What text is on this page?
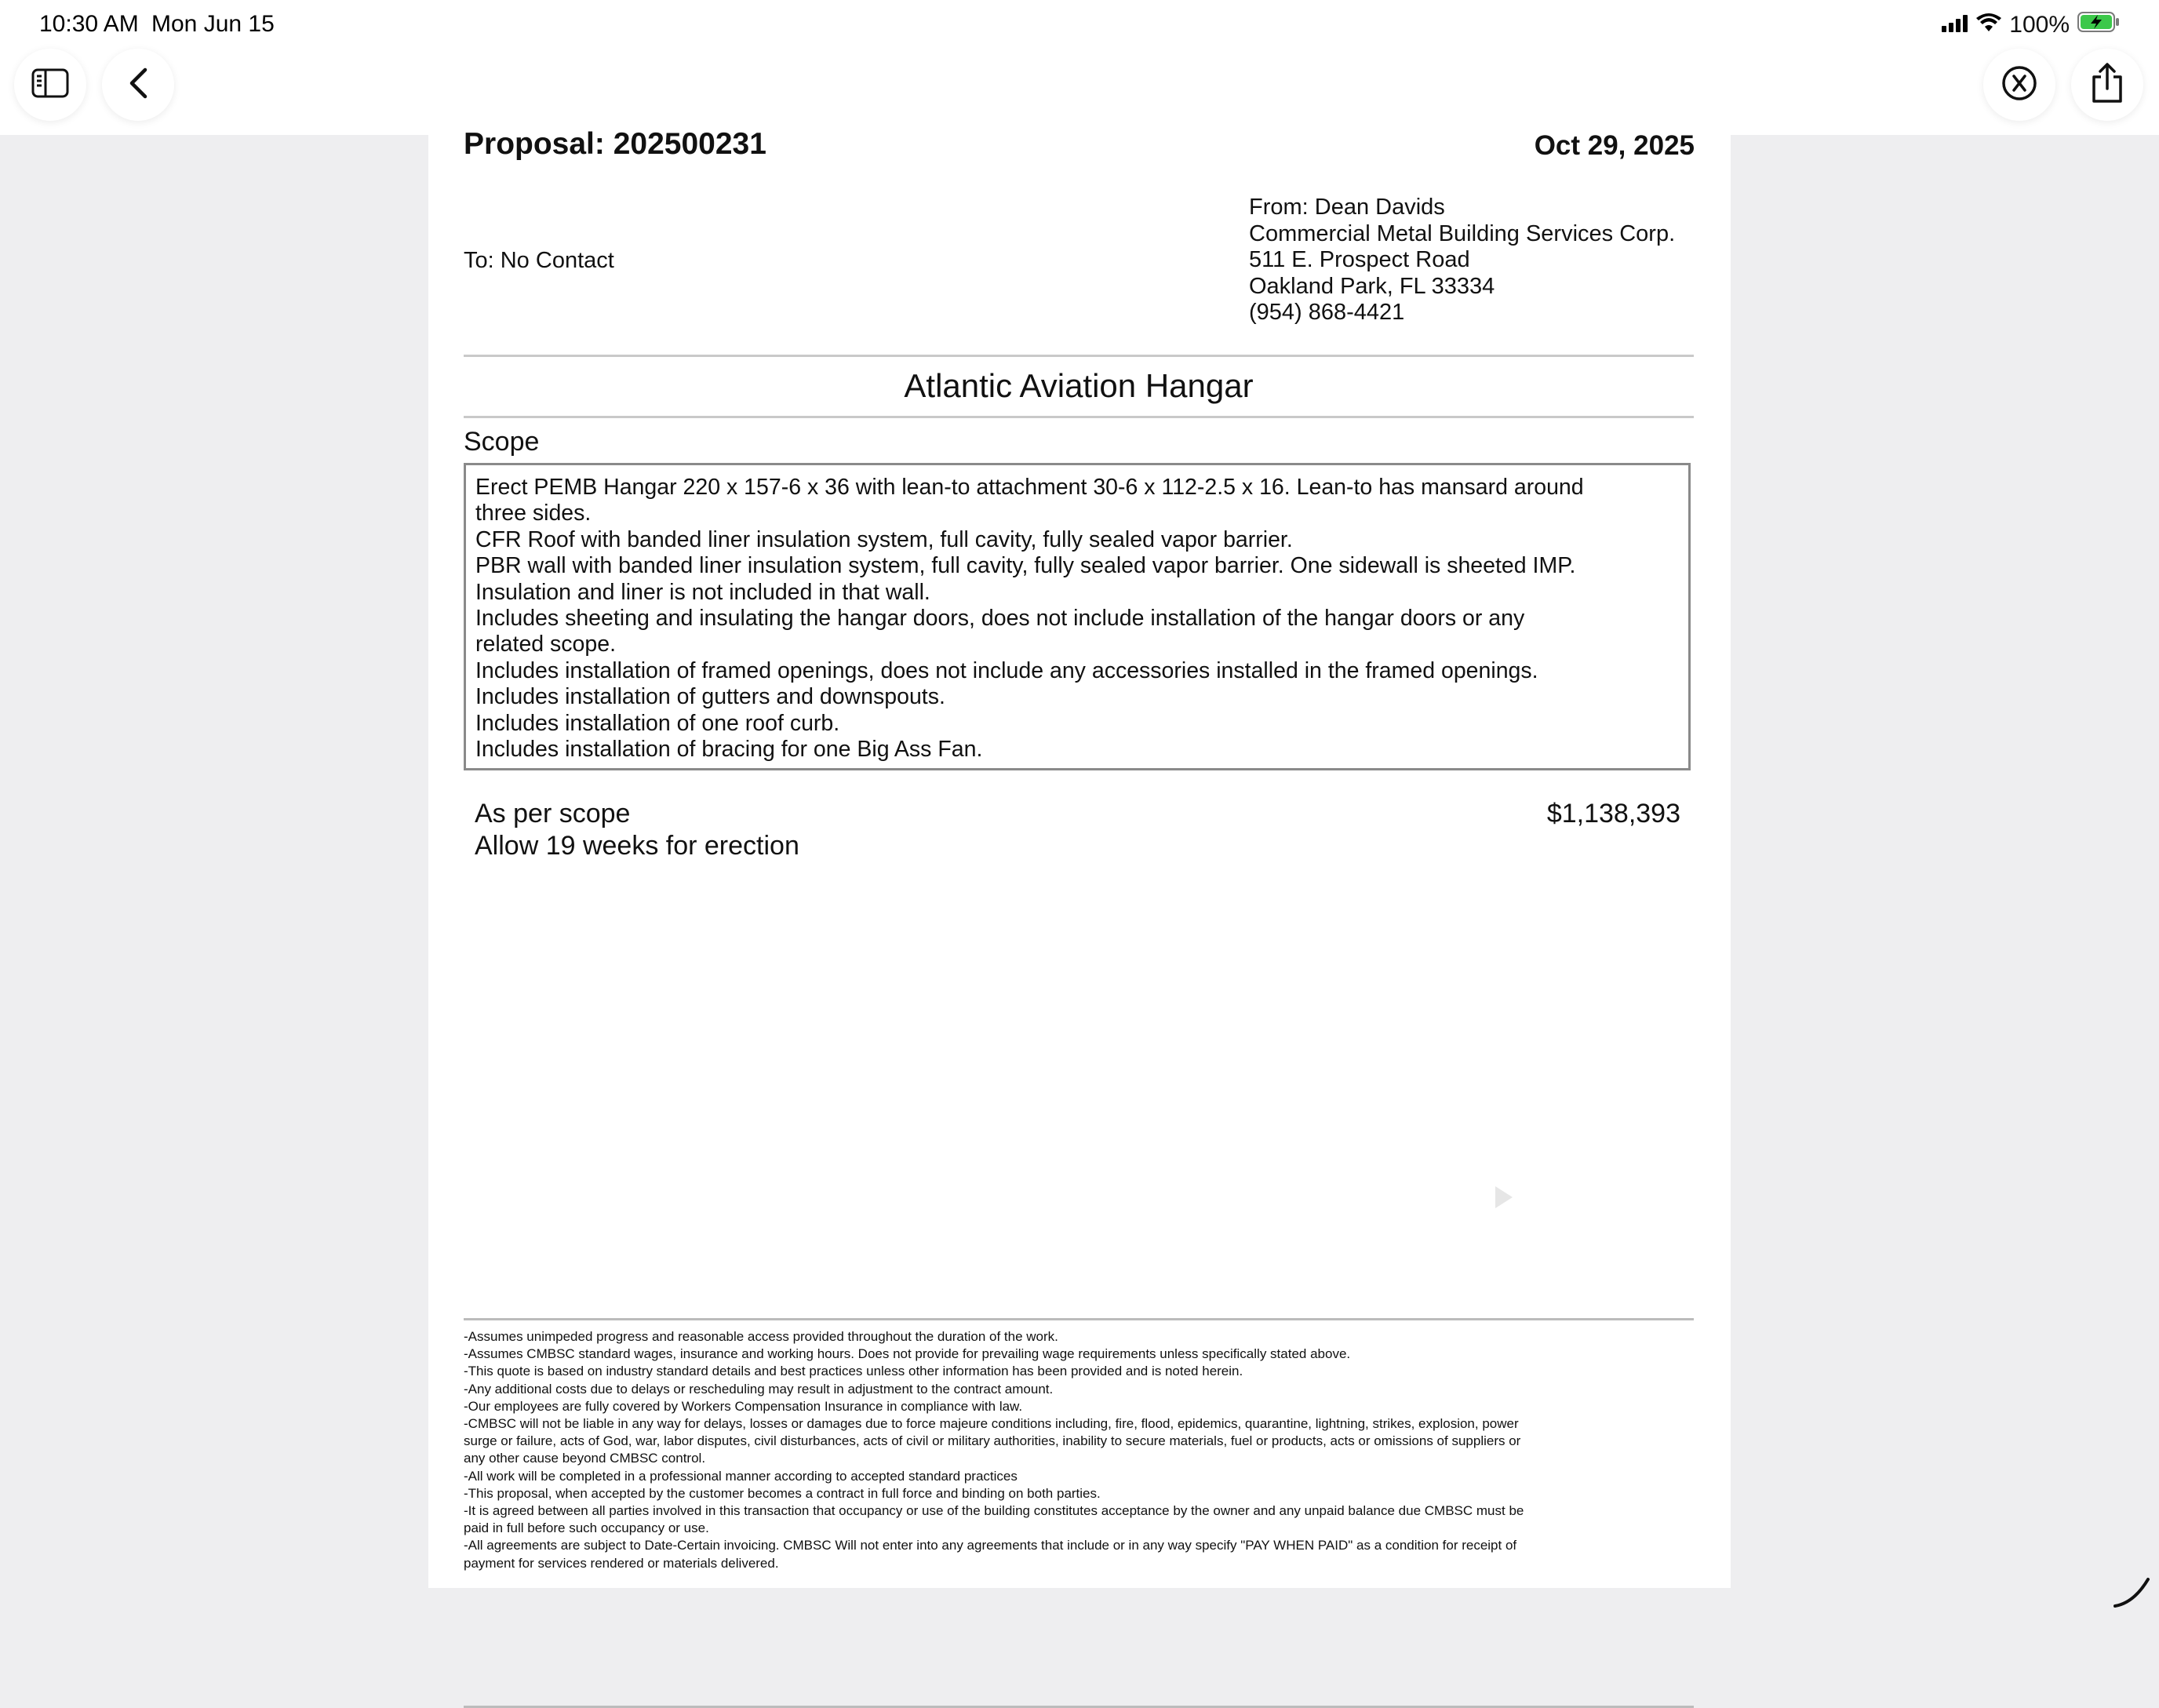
10:30 AM Mon Jun 15	100%
Proposal: 202500231	Oct 29, 2025
To: No Contact
From: Dean Davids
Commercial Metal Building Services Corp.
511 E. Prospect Road
Oakland Park, FL 33334
(954) 868-4421
Atlantic Aviation Hangar
Scope
Erect PEMB Hangar 220 x 157-6 x 36 with lean-to attachment 30-6 x 112-2.5 x 16. Lean-to has mansard around
three sides.
CFR Roof with banded liner insulation system, full cavity, fully sealed vapor barrier.
PBR wall with banded liner insulation system, full cavity, fully sealed vapor barrier. One sidewall is sheeted IMP.
Insulation and liner is not included in that wall.
Includes sheeting and insulating the hangar doors, does not include installation of the hangar doors or any
related scope.
Includes installation of framed openings, does not include any accessories installed in the framed openings.
Includes installation of gutters and downspouts.
Includes installation of one roof curb.
Includes installation of bracing for one Big Ass Fan.
As per scope	$1,138,393
Allow 19 weeks for erection
-Assumes unimpeded progress and reasonable access provided throughout the duration of the work.
-Assumes CMBSC standard wages, insurance and working hours. Does not provide for prevailing wage requirements unless specifically stated above.
-This quote is based on industry standard details and best practices unless other information has been provided and is noted herein.
-Any additional costs due to delays or rescheduling may result in adjustment to the contract amount.
-Our employees are fully covered by Workers Compensation Insurance in compliance with law.
-CMBSC will not be liable in any way for delays, losses or damages due to force majeure conditions including, fire, flood, epidemics, quarantine, lightning, strikes, explosion, power
surge or failure, acts of God, war, labor disputes, civil disturbances, acts of civil or military authorities, inability to secure materials, fuel or products, acts or omissions of suppliers or
any other cause beyond CMBSC control.
-All work will be completed in a professional manner according to accepted standard practices
-This proposal, when accepted by the customer becomes a contract in full force and binding on both parties.
-It is agreed between all parties involved in this transaction that occupancy or use of the building constitutes acceptance by the owner and any unpaid balance due CMBSC must be
paid in full before such occupancy or use.
-All agreements are subject to Date-Certain invoicing. CMBSC Will not enter into any agreements that include or in any way specify "PAY WHEN PAID" as a condition for receipt of
payment for services rendered or materials delivered.
